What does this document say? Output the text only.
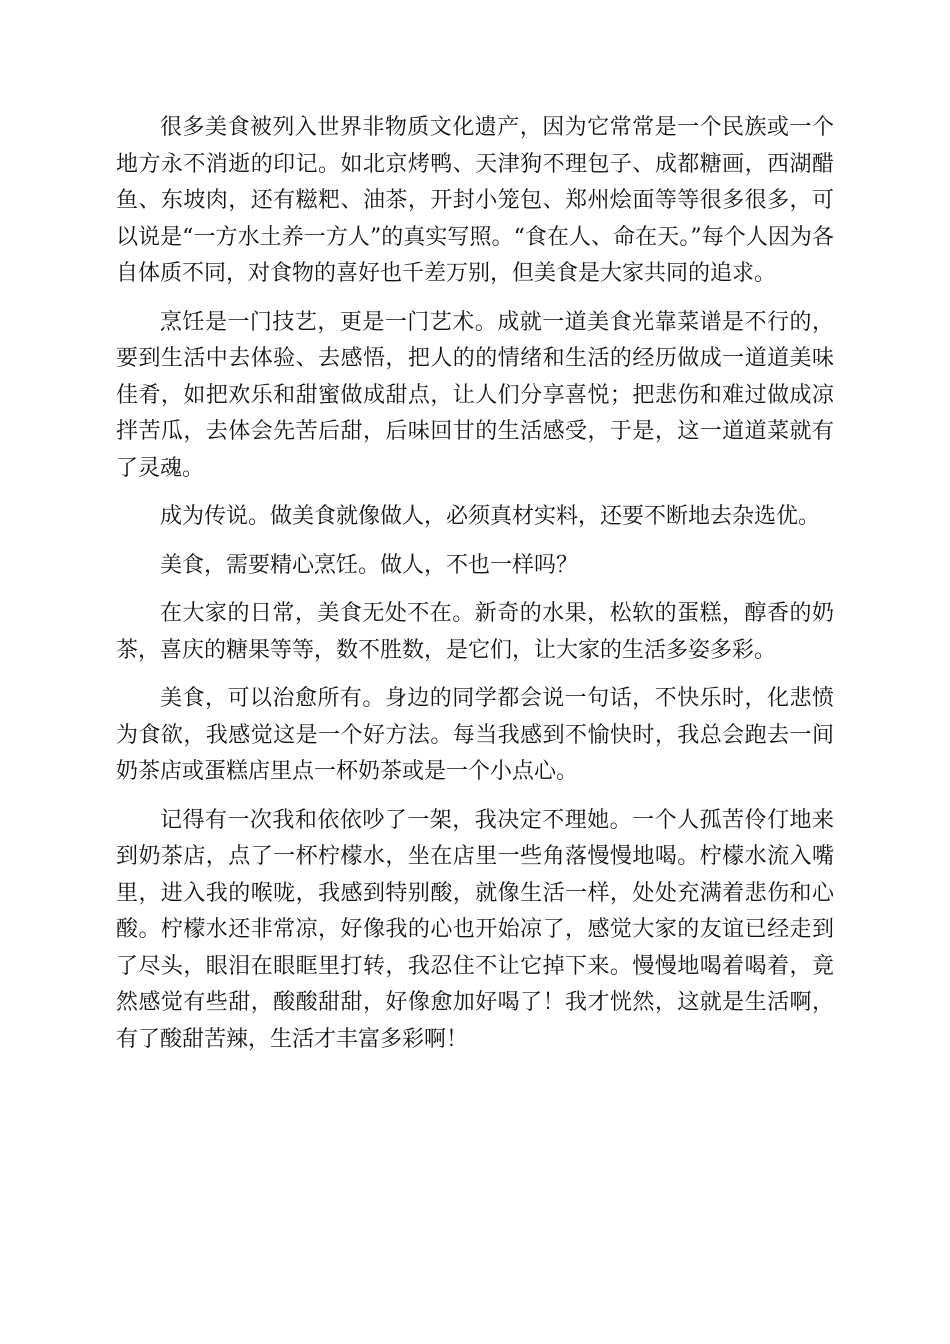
很多美食被列入世界非物质文化遗产，因为它常常是一个民族或一个地方永不消逝的印记。如北京烤鸭、天津狗不理包子、成都糖画，西湖醋鱼、东坡肉，还有糍粑、油茶，开封小笼包、郑州烩面等等很多很多，可以说是“一方水土养一方人”的真实写照。“食在人、命在天。”每个人因为各自体质不同，对食物的喜好也千差万别，但美食是大家共同的追求。

烹饪是一门技艺，更是一门艺术。成就一道美食光靠菜谱是不行的，要到生活中去体验、去感悟，把人的的情绪和生活的经历做成一道道美味佳肴，如把欢乐和甜蜜做成甜点，让人们分享喜悦；把悲伤和难过做成凉拌苦瓜，去体会先苦后甜，后味回甘的生活感受，于是，这一道道菜就有了灵魂。

成为传说。做美食就像做人，必须真材实料，还要不断地去杂选优。

美食，需要精心烹饪。做人，不也一样吗？

在大家的日常，美食无处不在。新奇的水果，松软的蛋糕，醇香的奶茶，喜庆的糖果等等，数不胜数，是它们，让大家的生活多姿多彩。

美食，可以治愈所有。身边的同学都会说一句话，不快乐时，化悲愤为食欲，我感觉这是一个好方法。每当我感到不愉快时，我总会跑去一间奶茶店或蛋糕店里点一杯奶茶或是一个小点心。

记得有一次我和依依吵了一架，我决定不理她。一个人孤苦伶仃地来到奶茶店，点了一杯柠檬水，坐在店里一些角落慢慢地喝。柠檬水流入嘴里，进入我的喉咙，我感到特别酸，就像生活一样，处处充满着悲伤和心酸。柠檬水还非常凉，好像我的心也开始凉了，感觉大家的友谊已经走到了尽头，眼泪在眼眶里打转，我忍住不让它掉下来。慢慢地喝着喝着，竟然感觉有些甜，酸酸甜甜，好像愈加好喝了！我才恍然，这就是生活啊，有了酸甜苦辣，生活才丰富多彩啊！
